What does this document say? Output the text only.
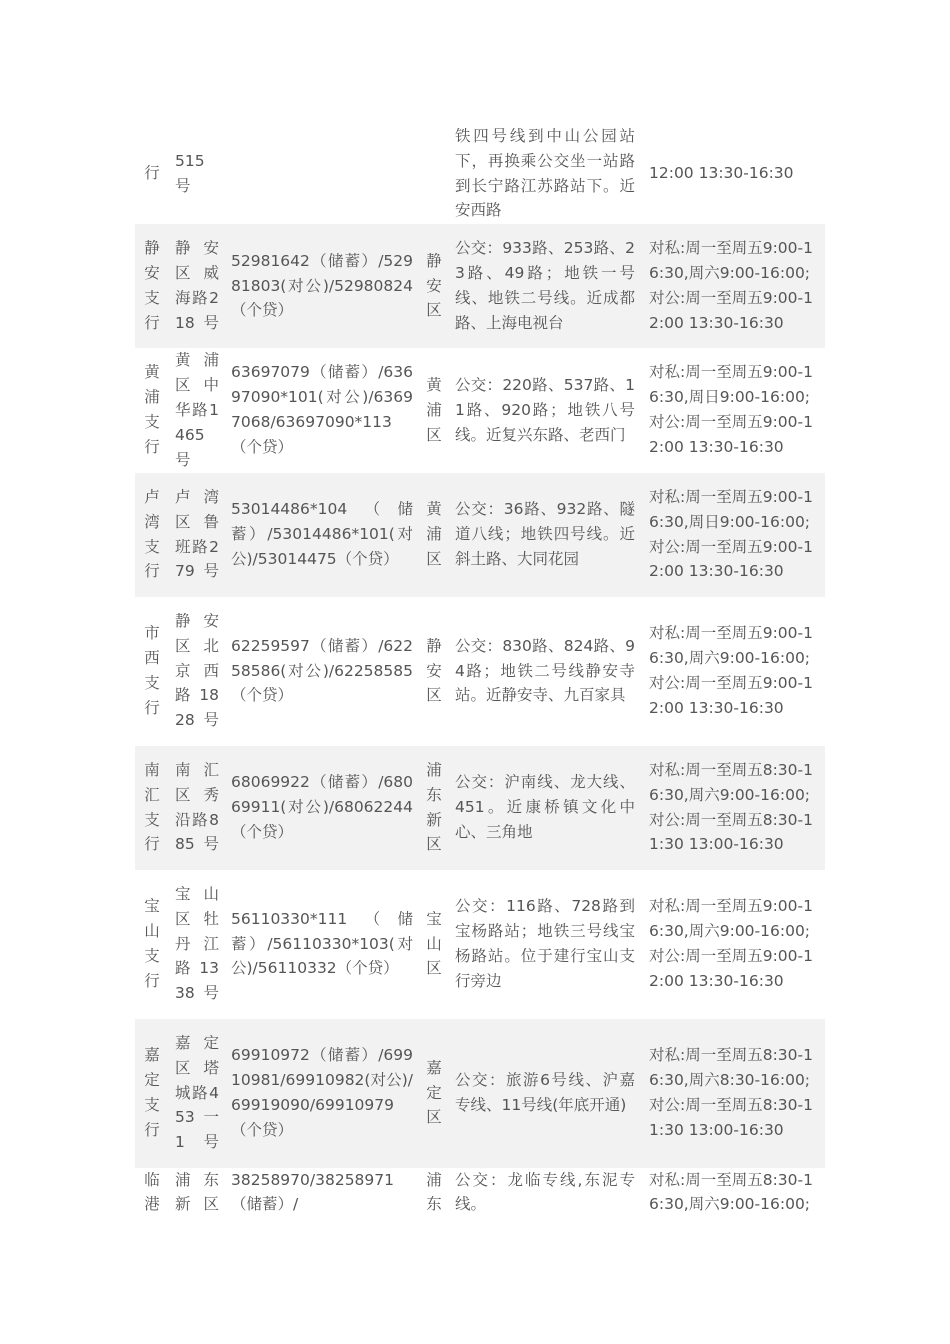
行	515 号			铁四号线到中山公园站下，再换乘公交坐一站路到长宁路江苏路站下。近安西路	12:00 13:30-16:30

静安支行	静安区威海路218号	52981642（储蓄）/52981803(对公)/52980824（个贷）	静安区	公交：933路、253路、23路、49路；地铁一号线、地铁二号线。近成都路、上海电视台	对私:周一至周五9:00-16:30,周六9:00-16:00;对公:周一至周五9:00-12:00 13:30-16:30

黄浦支行	黄浦区中华路1465号	63697079（储蓄）/63697090*101(对公)/63697068/63697090*113（个贷）	黄浦区	公交：220路、537路、11路、920路；地铁八号线。近复兴东路、老西门	对私:周一至周五9:00-16:30,周日9:00-16:00;对公:周一至周五9:00-12:00 13:30-16:30

卢湾支行	卢湾区鲁班路279号	53014486*104（储蓄）/53014486*101(对公)/53014475（个贷）	黄浦区	公交：36路、932路、隧道八线；地铁四号线。近斜土路、大同花园	对私:周一至周五9:00-16:30,周日9:00-16:00;对公:周一至周五9:00-12:00 13:30-16:30

市西支行	静安区北京西路1828号	62259597（储蓄）/62258586(对公)/62258585（个贷）	静安区	公交：830路、824路、94路；地铁二号线静安寺站。近静安寺、九百家具	对私:周一至周五9:00-16:30,周六9:00-16:00;对公:周一至周五9:00-12:00 13:30-16:30

南汇支行	南汇区秀沿路885号	68069922（储蓄）/68069911(对公)/68062244（个贷）	浦东新区	公交：沪南线、龙大线、451。近康桥镇文化中心、三角地	对私:周一至周五8:30-16:30,周六9:00-16:00;对公:周一至周五8:30-11:30 13:00-16:30

宝山支行	宝山区牡丹江路1338号	56110330*111（储蓄）/56110330*103(对公)/56110332（个贷）	宝山区	公交：116路、728路到宝杨路站；地铁三号线宝杨路站。位于建行宝山支行旁边	对私:周一至周五9:00-16:30,周六9:00-16:00;对公:周一至周五9:00-12:00 13:30-16:30

嘉定支行	嘉定区塔城路453一1号	69910972（储蓄）/69910981/69910982(对公)/69919090/69910979（个贷）	嘉定区	公交：旅游6号线、沪嘉专线、11号线(年底开通)	对私:周一至周五8:30-16:30,周六8:30-16:00;对公:周一至周五8:30-11:30 13:00-16:30

临港	浦东新区	38258970/38258971（储蓄）/	浦东	公交：龙临专线,东泥专线。	对私:周一至周五8:30-16:30,周六9:00-16:00;
